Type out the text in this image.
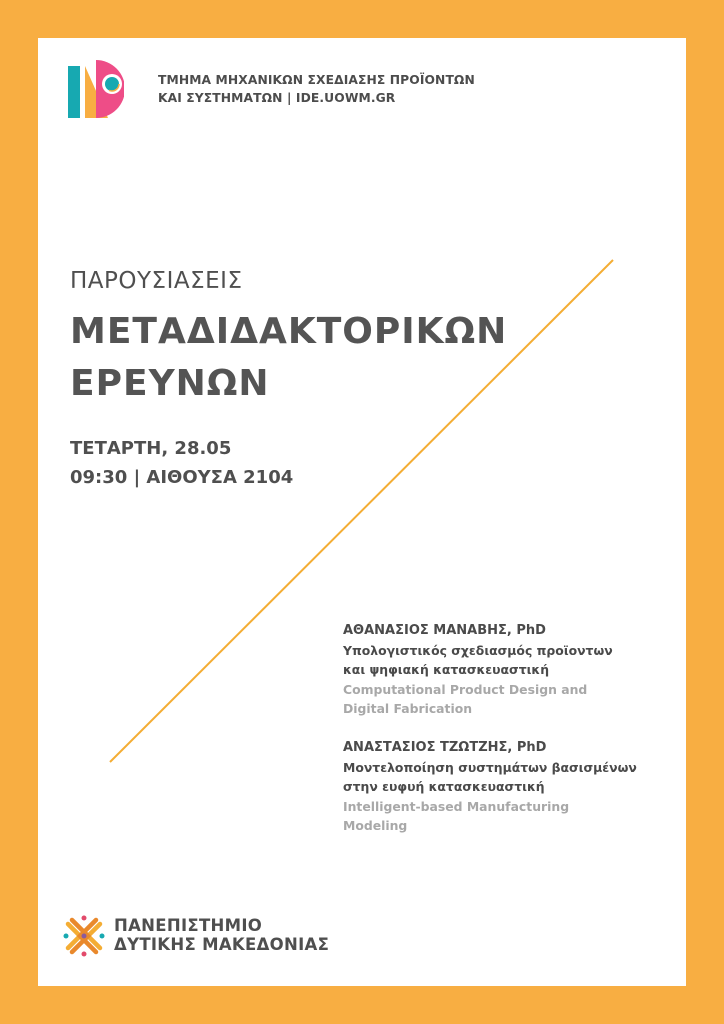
ΤΜΗΜΑ ΜΗΧΑΝΙΚΩΝ ΣΧΕΔΙΑΣΗΣ ΠΡΟΪΟΝΤΩΝ
ΚΑΙ ΣΥΣΤΗΜΑΤΩΝ | IDE.UOWM.GR
ΠΑΡΟΥΣΙΑΣΕΙΣ
ΜΕΤΑΔΙΔΑΚΤΟΡΙΚΩΝ
ΕΡΕΥΝΩΝ
ΤΕΤΑΡΤΗ, 28.05
09:30 | ΑΙΘΟΥΣΑ 2104
ΑΘΑΝΑΣΙΟΣ ΜΑΝΑΒΗΣ, PhD
Υπολογιστικός σχεδιασμός προϊοντων
και ψηφιακή κατασκευαστική
Computational Product Design and
Digital Fabrication
ΑΝΑΣΤΑΣΙΟΣ ΤΖΩΤΖΗΣ, PhD
Μοντελοποίηση συστημάτων βασισμένων
στην ευφυή κατασκευαστική
Intelligent-based Manufacturing
Modeling
ΠΑΝΕΠΙΣΤΗΜΙΟ
ΔΥΤΙΚΗΣ ΜΑΚΕΔΟΝΙΑΣ
